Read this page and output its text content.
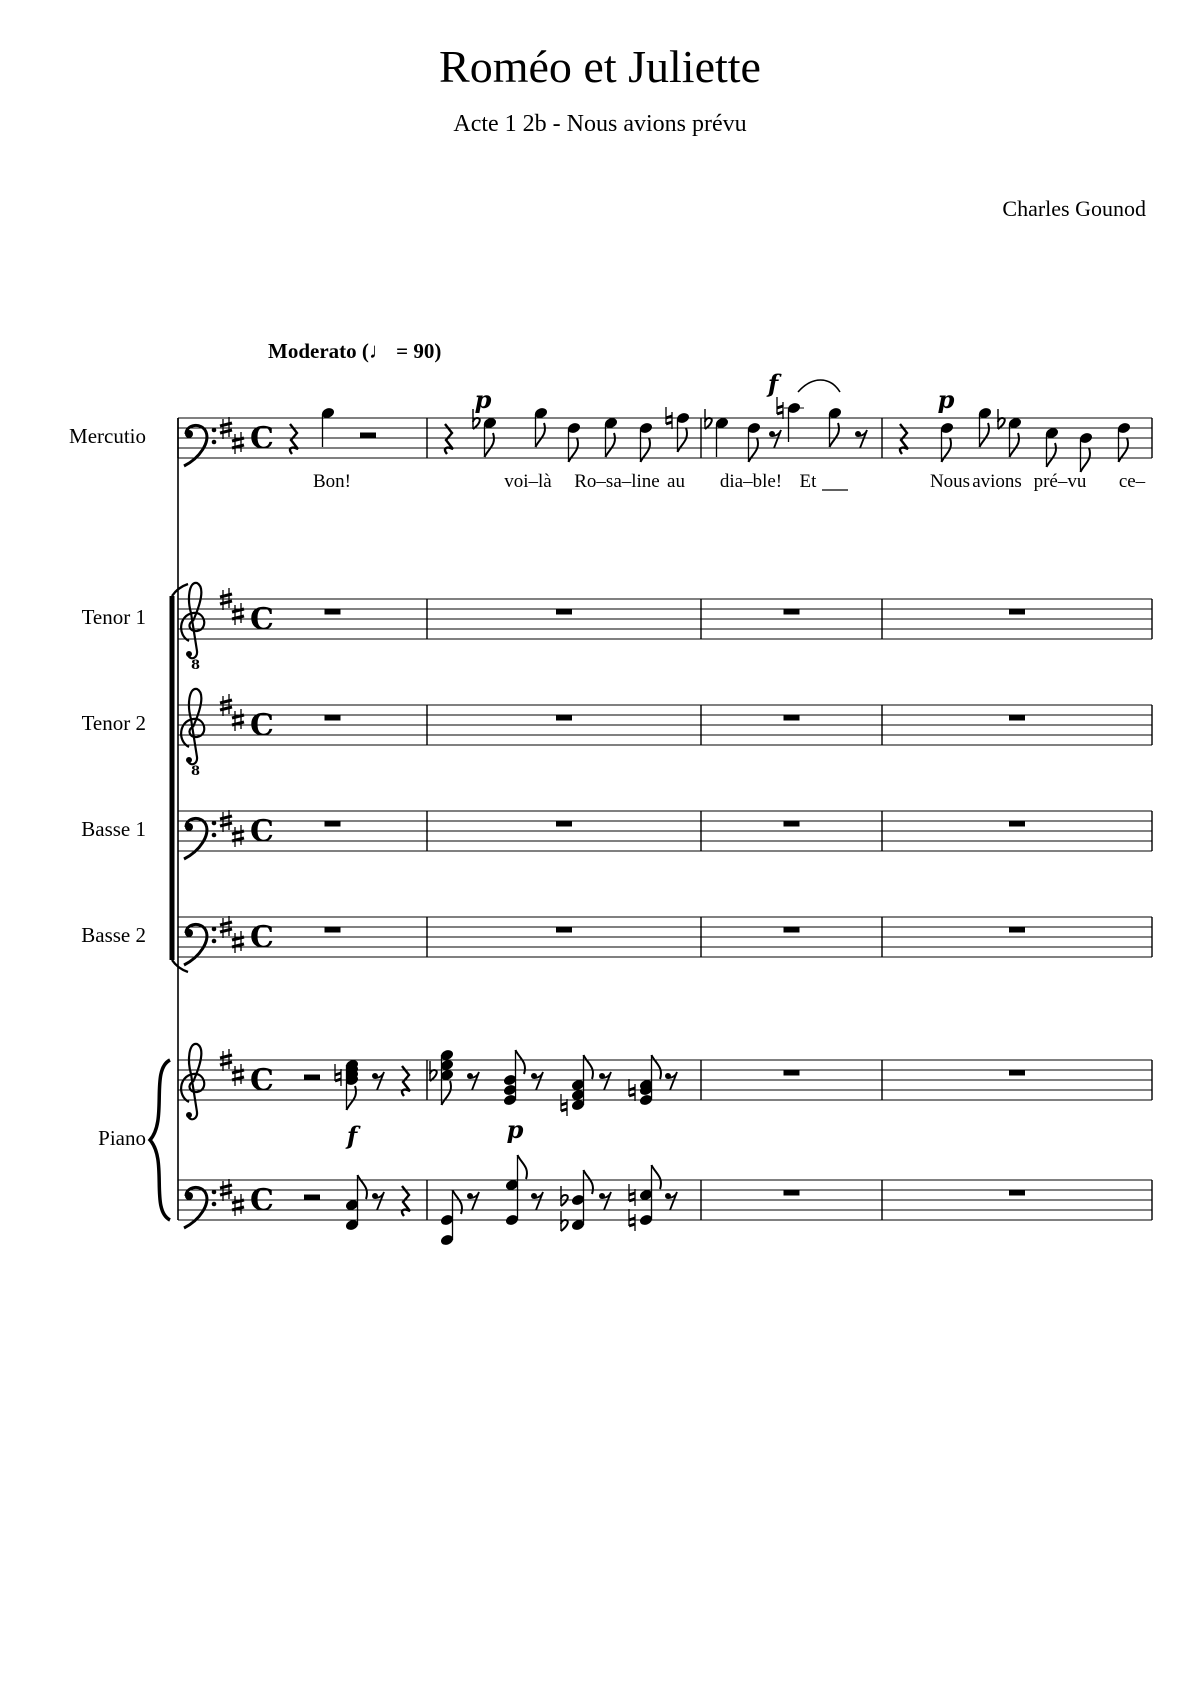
Roméo et Juliette
Acte 1 2b - Nous avions prévu
Charles Gounod
Moderato (♩ = 90)
Mercutio
Tenor 1
Tenor 2
Basse 1
Basse 2
Piano
C
8
C
8
C
C
C
C
C
Bon!	voi–là Ro–sa–line au dia–ble! Et	Nous avions pré–vu ce–
p
f
p
f	p
